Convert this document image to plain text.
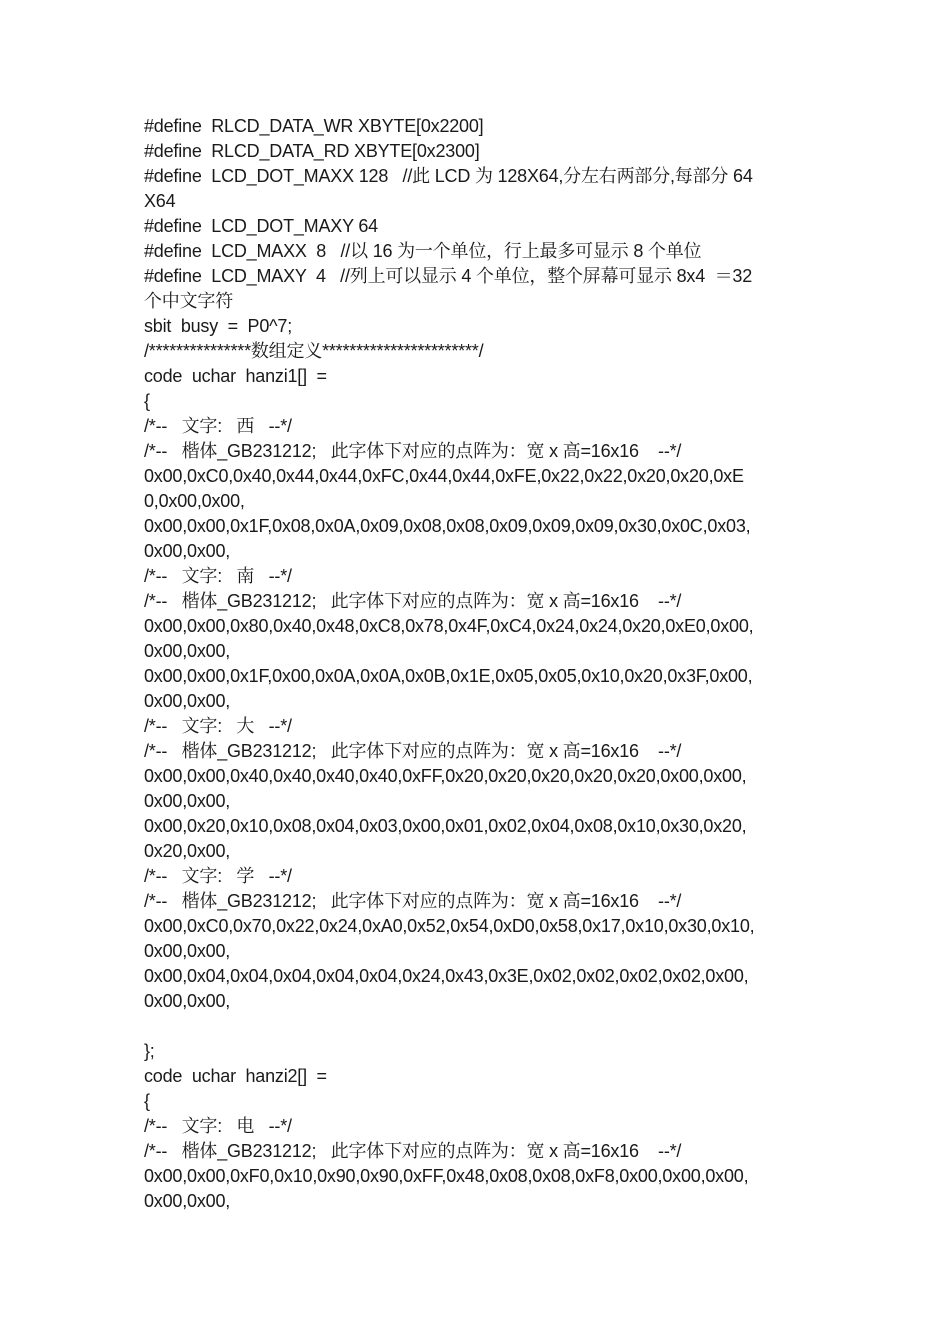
#define  RLCD_DATA_WR XBYTE[0x2200]
#define  RLCD_DATA_RD XBYTE[0x2300]
#define  LCD_DOT_MAXX 128   //此 LCD 为 128X64,分左右两部分,每部分 64
X64
#define  LCD_DOT_MAXY 64
#define  LCD_MAXX  8   //以 16 为一个单位，行上最多可显示 8 个单位
#define  LCD_MAXY  4   //列上可以显示 4 个单位，整个屏幕可显示 8x4  ＝32
个中文字符
sbit  busy  =  P0^7;
/***************数组定义***********************/
code  uchar  hanzi1[]  =
{
/*--   文字:   西   --*/
/*--   楷体_GB231212;   此字体下对应的点阵为：宽 x 高=16x16    --*/
0x00,0xC0,0x40,0x44,0x44,0xFC,0x44,0x44,0xFE,0x22,0x22,0x20,0x20,0xE
0,0x00,0x00,
0x00,0x00,0x1F,0x08,0x0A,0x09,0x08,0x08,0x09,0x09,0x09,0x30,0x0C,0x03,
0x00,0x00,
/*--   文字:   南   --*/
/*--   楷体_GB231212;   此字体下对应的点阵为：宽 x 高=16x16    --*/
0x00,0x00,0x80,0x40,0x48,0xC8,0x78,0x4F,0xC4,0x24,0x24,0x20,0xE0,0x00,
0x00,0x00,
0x00,0x00,0x1F,0x00,0x0A,0x0A,0x0B,0x1E,0x05,0x05,0x10,0x20,0x3F,0x00,
0x00,0x00,
/*--   文字:   大   --*/
/*--   楷体_GB231212;   此字体下对应的点阵为：宽 x 高=16x16    --*/
0x00,0x00,0x40,0x40,0x40,0x40,0xFF,0x20,0x20,0x20,0x20,0x20,0x00,0x00,
0x00,0x00,
0x00,0x20,0x10,0x08,0x04,0x03,0x00,0x01,0x02,0x04,0x08,0x10,0x30,0x20,
0x20,0x00,
/*--   文字:   学   --*/
/*--   楷体_GB231212;   此字体下对应的点阵为：宽 x 高=16x16    --*/
0x00,0xC0,0x70,0x22,0x24,0xA0,0x52,0x54,0xD0,0x58,0x17,0x10,0x30,0x10,
0x00,0x00,
0x00,0x04,0x04,0x04,0x04,0x04,0x24,0x43,0x3E,0x02,0x02,0x02,0x02,0x00,
0x00,0x00,
};
code  uchar  hanzi2[]  =
{
/*--   文字:   电   --*/
/*--   楷体_GB231212;   此字体下对应的点阵为：宽 x 高=16x16    --*/
0x00,0x00,0xF0,0x10,0x90,0x90,0xFF,0x48,0x08,0x08,0xF8,0x00,0x00,0x00,
0x00,0x00,
